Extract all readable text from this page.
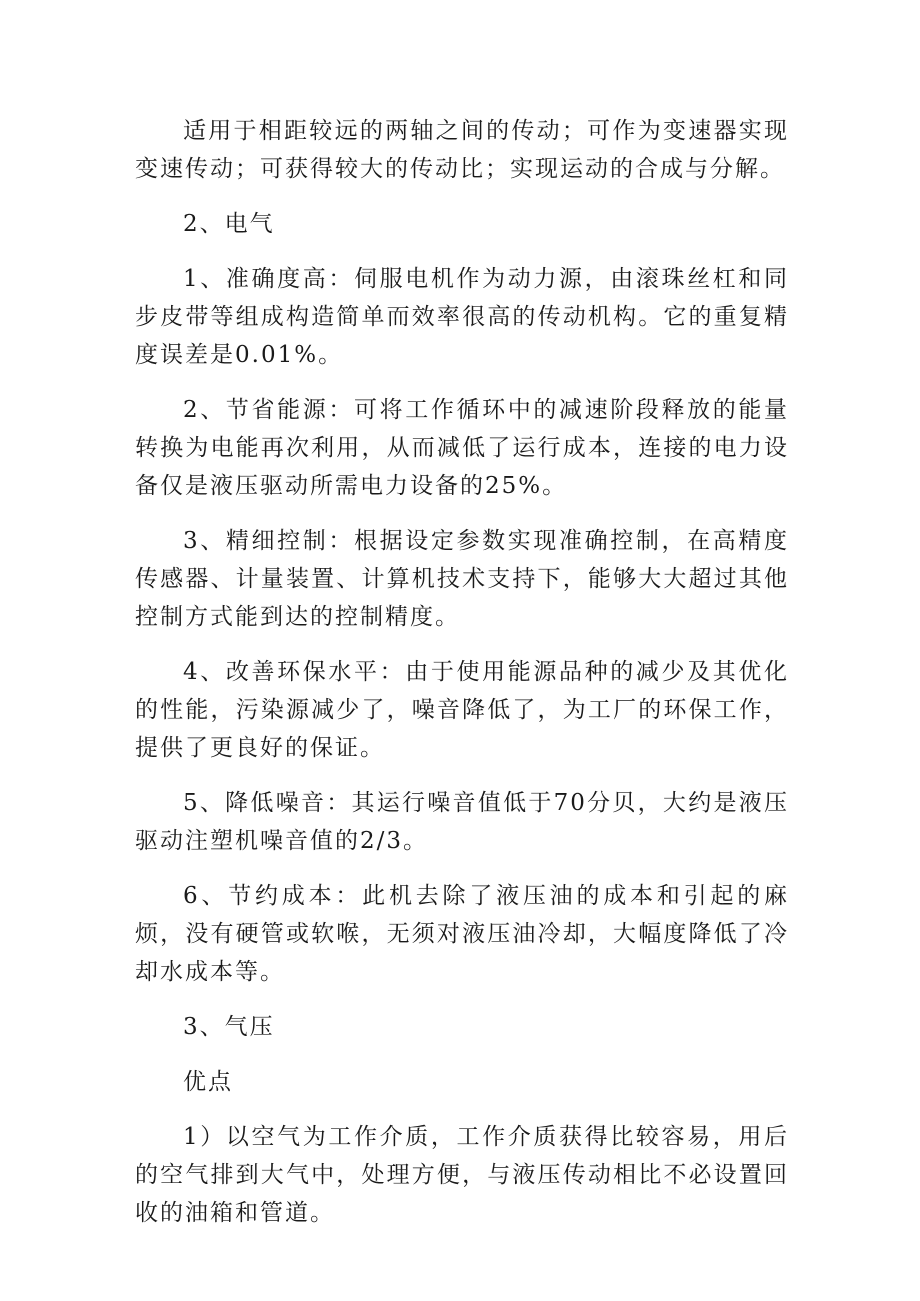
适用于相距较远的两轴之间的传动；可作为变速器实现变速传动；可获得较大的传动比；实现运动的合成与分解。

2、电气

1、准确度高：伺服电机作为动力源，由滚珠丝杠和同步皮带等组成构造简单而效率很高的传动机构。它的重复精度误差是0.01%。

2、节省能源：可将工作循环中的减速阶段释放的能量转换为电能再次利用，从而减低了运行成本，连接的电力设备仅是液压驱动所需电力设备的25%。

3、精细控制：根据设定参数实现准确控制，在高精度传感器、计量装置、计算机技术支持下，能够大大超过其他控制方式能到达的控制精度。

4、改善环保水平：由于使用能源品种的减少及其优化的性能，污染源减少了，噪音降低了，为工厂的环保工作，提供了更良好的保证。

5、降低噪音：其运行噪音值低于70分贝，大约是液压驱动注塑机噪音值的2/3。

6、节约成本：此机去除了液压油的成本和引起的麻烦，没有硬管或软喉，无须对液压油冷却，大幅度降低了冷却水成本等。

3、气压

优点

1）以空气为工作介质，工作介质获得比较容易，用后的空气排到大气中，处理方便，与液压传动相比不必设置回收的油箱和管道。
